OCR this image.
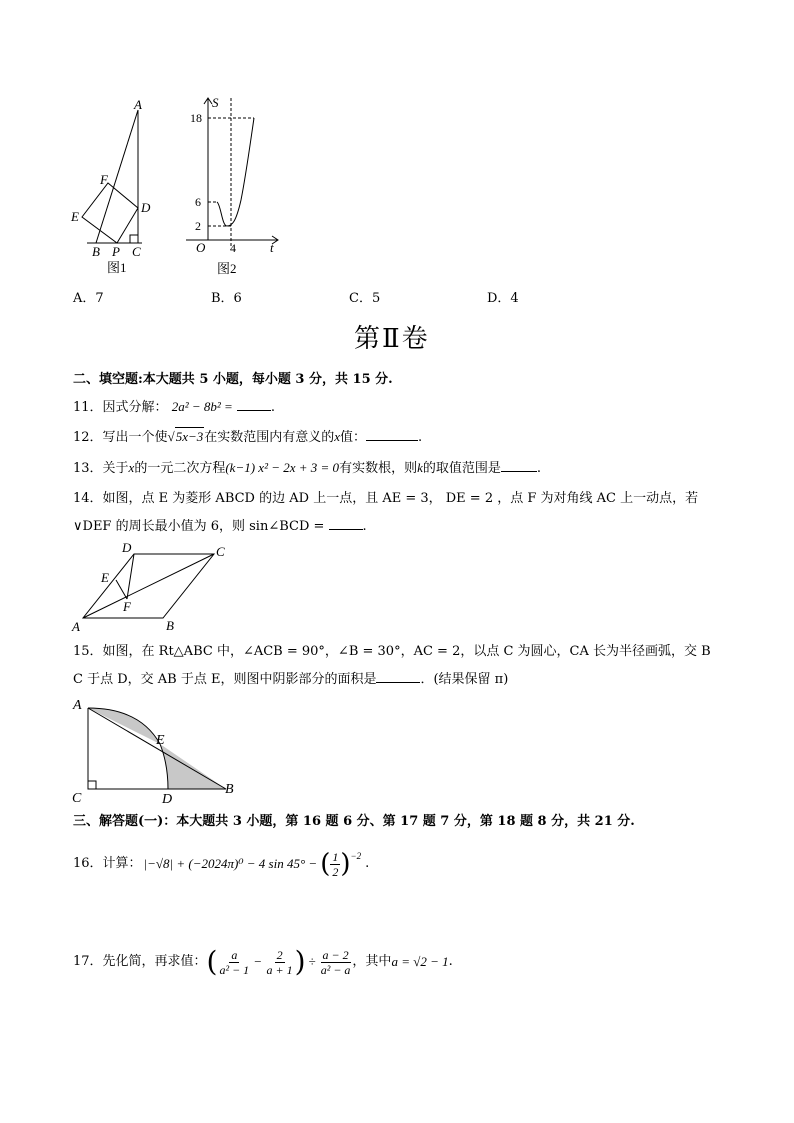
A
F
E
D
B P C
图1
S
18
6
2
O 4	t
图2
A．7	B．6	C．5	D．4
第Ⅱ卷
二、填空题:本大题共 5 小题，每小题 3 分，共 15 分.
11．因式分解： 2a² − 8b² =	.
12．写出一个使 √ 5x−3 在实数范围内有意义的x值：	.
13．关于x的一元二次方程(k−1) x² − 2x + 3 = 0有实数根，则k的取值范围是	.
14．如图，点 E 为菱形 ABCD 的边 AD 上一点，且 AE = 3， DE = 2 ，点 F 为对角线 AC 上一动点，若
∨DEF 的周长最小值为 6，则 sin∠BCD =	.
D	C
E
F
A	B
15．如图，在 Rt△ABC 中，∠ACB = 90°，∠B = 30°，AC = 2，以点 C 为圆心，CA 长为半径画弧，交 B
C 于点 D，交 AB 于点 E，则图中阴影部分的面积是	．(结果保留 π)
A
E
B
C	D
三、解答题(一)：本大题共 3 小题，第 16 题 6 分、第 17 题 7 分，第 18 题 8 分，共 21 分.
16．计算： |−√8| + (−2024π)⁰ − 4 sin 45° − ( $\frac{1}{2}$ ) −2 .
17．先化简，再求值： ( $\frac{a}{\text{a² − 1}} - \frac{2}{a + 1}$ ) ÷ $\frac{a - 2}{\text{a² − a}}$ ，其中 a = √2 − 1 .
